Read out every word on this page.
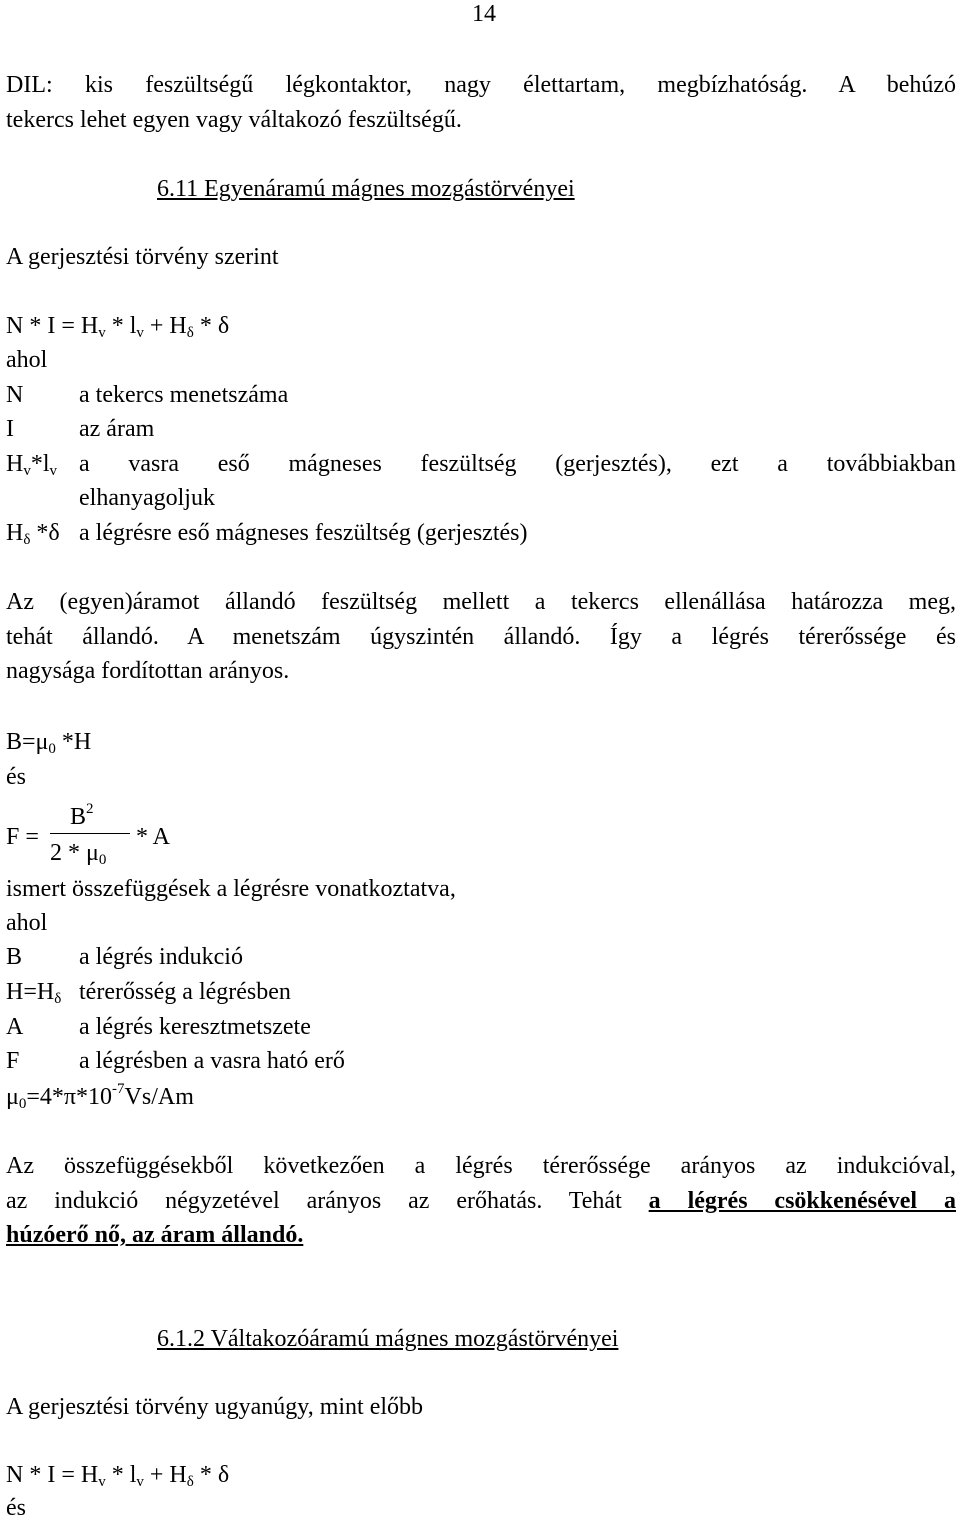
14
DIL: kis feszültségű légkontaktor, nagy élettartam, megbízhatóság. A behúzó
tekercs lehet egyen vagy váltakozó feszültségű.
6.11 Egyenáramú mágnes mozgástörvényei
A gerjesztési törvény szerint
$N * I = H_v * l_v + H_\delta * \delta$
ahol
N a tekercs menetszáma
I	az áram
$H_v*l_v$ a vasra eső mágneses feszültség (gerjesztés), ezt a továbbiakban
elhanyagoljuk
$H_\delta$ *δ a légrésre eső mágneses feszültség (gerjesztés)
Az (egyen)áramot állandó feszültség mellett a tekercs ellenállása határozza meg,
tehát állandó. A menetszám úgyszintén állandó. Így a légrés térerőssége és
nagysága fordítottan arányos.
$B=\mu_0$ *H
és
F =
$B^2$
$2 * \mu_0$
* A
ismert összefüggések a légrésre vonatkoztatva,
ahol
B a légrés indukció
$H=H_\delta$ térerősség a légrésben
A a légrés keresztmetszete
F a légrésben a vasra ható erő
$\mu_0=4*\pi*10^{-7}Vs/Am$
Az összefüggésekből következően a légrés térerőssége arányos az indukcióval,
az indukció négyzetével arányos az erőhatás. Tehát a légrés csökkenésével a
húzóerő nő, az áram állandó.
6.1.2 Váltakozóáramú mágnes mozgástörvényei
A gerjesztési törvény ugyanúgy, mint előbb
$N * I = H_v * l_v + H_\delta * \delta$
és
